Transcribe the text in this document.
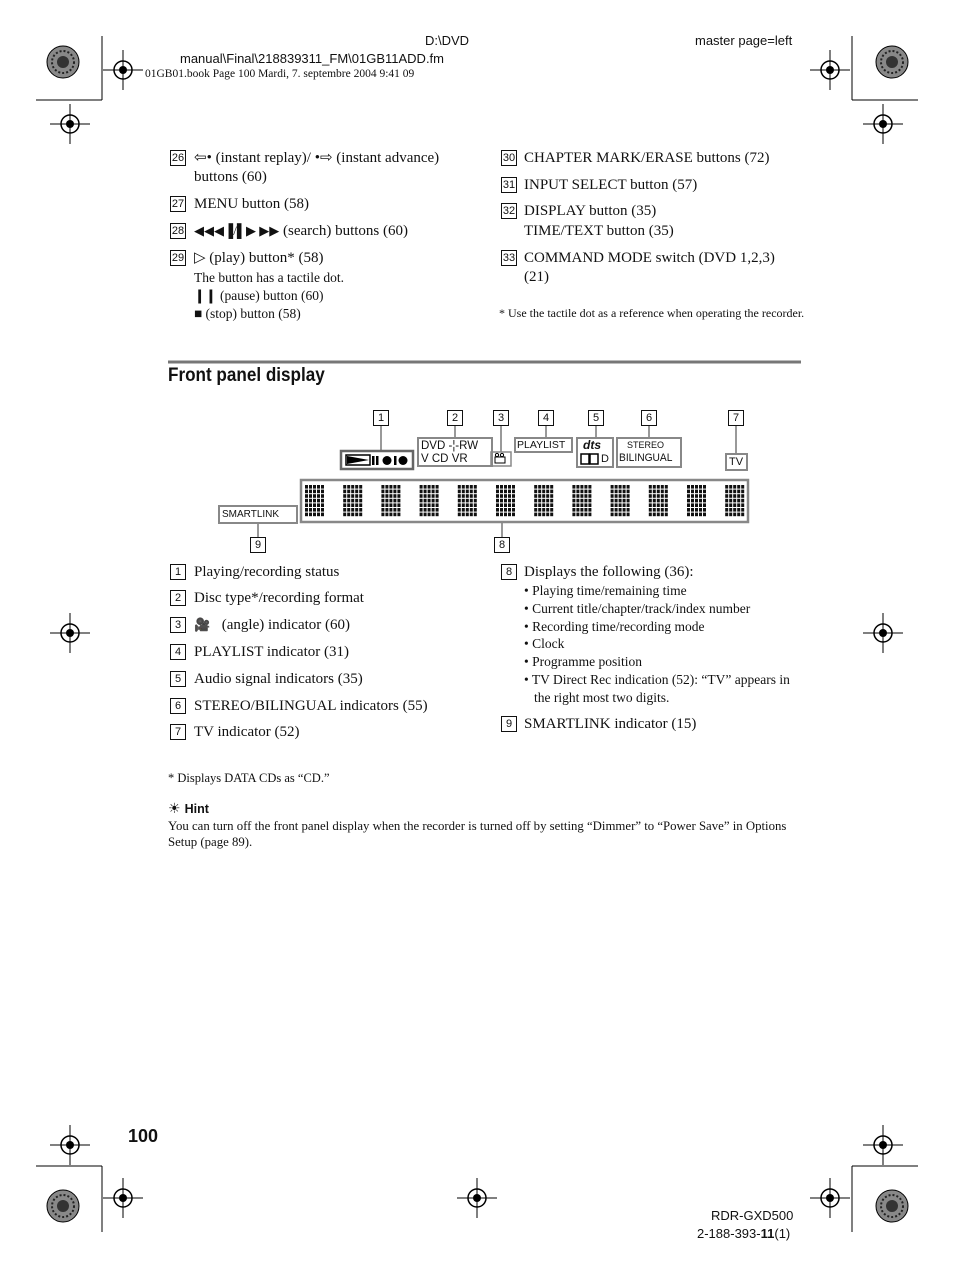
D:\DVD
manual\Final\218839311_FM\01GB11ADD.fm
01GB01.book Page 100 Mardi, 7. septembre 2004 9:41 09
master page=left
26 ⇦• (instant replay)/ •⇨ (instant advance)
buttons (60)
27 MENU button (58)
28 ◀◀◀▐/▌▶ ▶▶ (search) buttons (60)
29 ▷ (play) button* (58)
The button has a tactile dot.
❙❙ (pause) button (60)
■ (stop) button (58)
30 CHAPTER MARK/ERASE buttons (72)
31 INPUT SELECT button (57)
32 DISPLAY button (35)
TIME/TEXT button (35)
33 COMMAND MODE switch (DVD 1,2,3)
(21)
* Use the tactile dot as a reference when operating the recorder.
Front panel display
1	2	3	4	5	6	7
8
9
DVD -¦-RW
V CD VR
PLAYLIST dts
D
STEREO
BILINGUAL	TV
SMARTLINK
1 Playing/recording status
2 Disc type*/recording format
3 🎥 (angle) indicator (60)
4 PLAYLIST indicator (31)
5 Audio signal indicators (35)
6 STEREO/BILINGUAL indicators (55)
7 TV indicator (52)
8 Displays the following (36):
• Playing time/remaining time
• Current title/chapter/track/index number
• Recording time/recording mode
• Clock
• Programme position
• TV Direct Rec indication (52): “TV” appears in the right most two digits.
9 SMARTLINK indicator (15)
* Displays DATA CDs as “CD.”
☀ Hint
You can turn off the front panel display when the recorder is turned off by setting “Dimmer” to “Power Save” in Options Setup (page 89).
100
RDR-GXD500
2-188-393-11(1)
